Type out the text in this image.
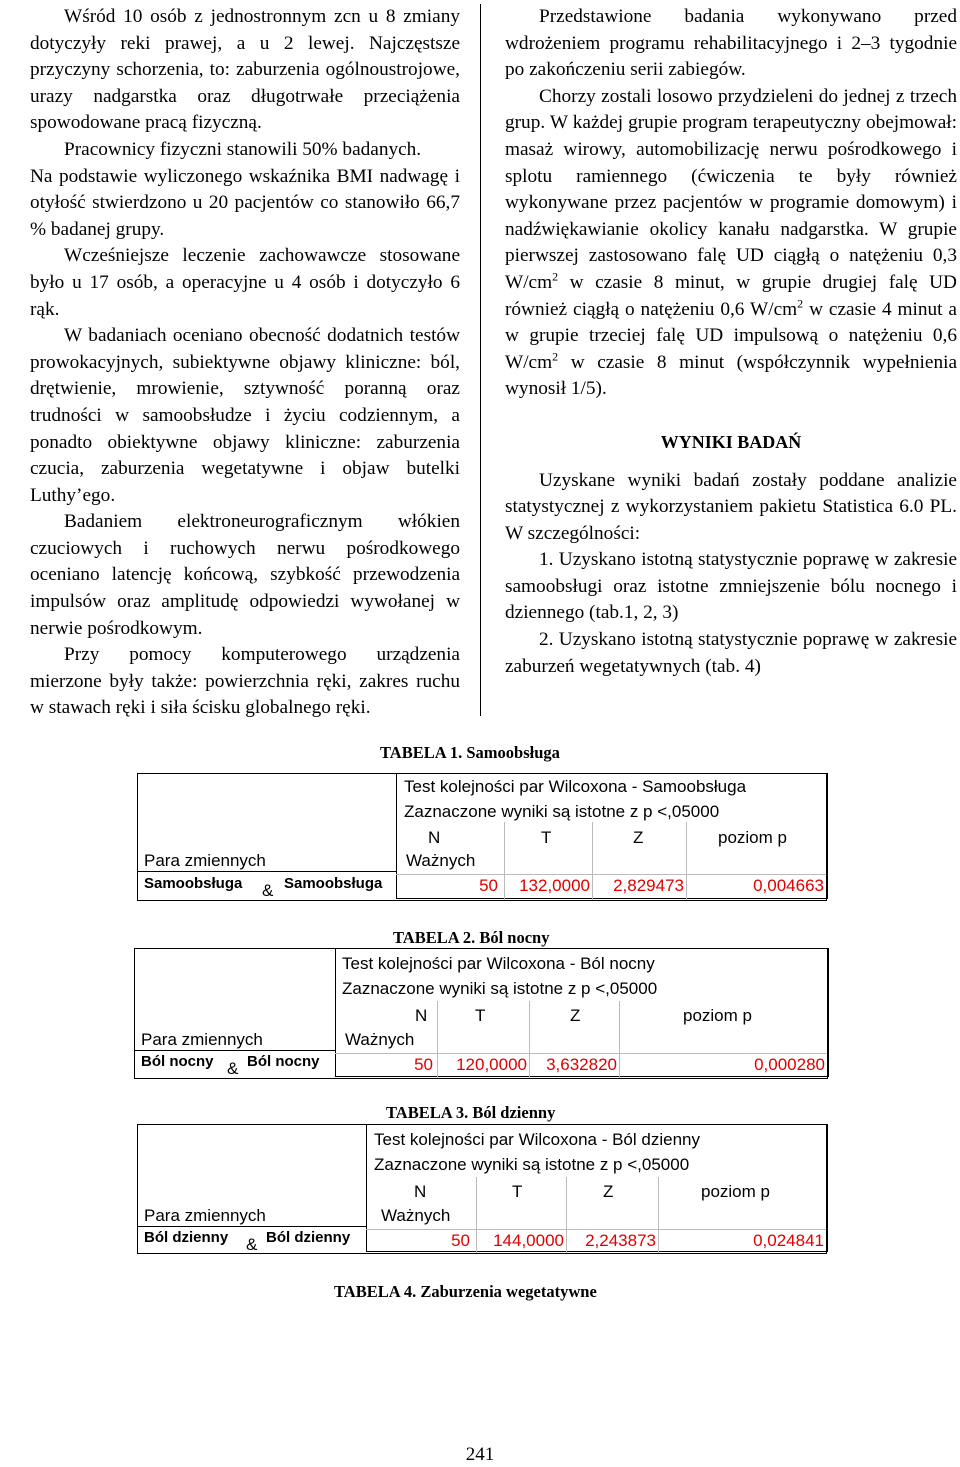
Wśród 10 osób z jednostronnym zcn u 8 zmiany dotyczyły reki prawej, a u 2 lewej. Najczęstsze przyczyny schorzenia, to: zaburzenia ogólnoustrojowe, urazy nadgarstka oraz długotrwałe przeciążenia spowodowane pracą fizyczną.

Pracownicy fizyczni stanowili 50% badanych.

Na podstawie wyliczonego wskaźnika BMI nadwagę i otyłość stwierdzono u 20 pacjentów co stanowiło 66,7 % badanej grupy.

Wcześniejsze leczenie zachowawcze stosowane było u 17 osób, a operacyjne u 4 osób i dotyczyło 6 rąk.

W badaniach oceniano obecność dodatnich testów prowokacyjnych, subiektywne objawy kliniczne: ból, drętwienie, mrowienie, sztywność poranną oraz trudności w samoobsłudze i życiu codziennym, a ponadto obiektywne objawy kliniczne: zaburzenia czucia, zaburzenia wegetatywne i objaw butelki Luthy’ego.

Badaniem elektroneurograficznym włókien czuciowych i ruchowych nerwu pośrodkowego oceniano latencję końcową, szybkość przewodzenia impulsów oraz amplitudę odpowiedzi wywołanej w nerwie pośrodkowym.

Przy pomocy komputerowego urządzenia mierzone były także: powierzchnia ręki, zakres ruchu w stawach ręki i siła ścisku globalnego ręki.

Przedstawione badania wykonywano przed wdrożeniem programu rehabilitacyjnego i 2–3 tygodnie po zakończeniu serii zabiegów.

Chorzy zostali losowo przydzieleni do jednej z trzech grup. W każdej grupie program terapeutyczny obejmował: masaż wirowy, automobilizację nerwu pośrodkowego i splotu ramiennego (ćwiczenia te były również wykonywane przez pacjentów w programie domowym) i nadźwiękawianie okolicy kanału nadgarstka. W grupie pierwszej zastosowano falę UD ciągłą o natężeniu 0,3 $W/cm^2$ w czasie 8 minut, w grupie drugiej falę UD również ciągłą o natężeniu 0,6 $W/cm^2$ w czasie 4 minut a w grupie trzeciej falę UD impulsową o natężeniu 0,6 $W/cm^2$ w czasie 8 minut (współczynnik wypełnienia wynosił 1/5).

WYNIKI BADAŃ

Uzyskane wyniki badań zostały poddane analizie statystycznej z wykorzystaniem pakietu Statistica 6.0 PL. W szczególności:

1. Uzyskano istotną statystycznie poprawę w zakresie samoobsługi oraz istotne zmniejszenie bólu nocnego i dziennego (tab.1, 2, 3)

2. Uzyskano istotną statystycznie poprawę w zakresie zaburzeń wegetatywnych (tab. 4)

TABELA 1. Samoobsługa
Test kolejności par Wilcoxona - Samoobsługa
Zaznaczone wyniki są istotne z p <,05000
N	T	Z	poziom p
Ważnych
Para zmiennych
Samoobsługa & Samoobsługa	50	132,0000	2,829473	0,004663
TABELA 2. Ból nocny
Test kolejności par Wilcoxona - Ból nocny
Zaznaczone wyniki są istotne z p <,05000
N	T	Z	poziom p
Ważnych
Para zmiennych
Ból nocny & Ból nocny	50	120,0000	3,632820	0,000280
TABELA 3. Ból dzienny
Test kolejności par Wilcoxona - Ból dzienny
Zaznaczone wyniki są istotne z p <,05000
N	T	Z	poziom p
Ważnych
Para zmiennych
Ból dzienny & Ból dzienny	50	144,0000	2,243873	0,024841
TABELA 4. Zaburzenia wegetatywne
241
